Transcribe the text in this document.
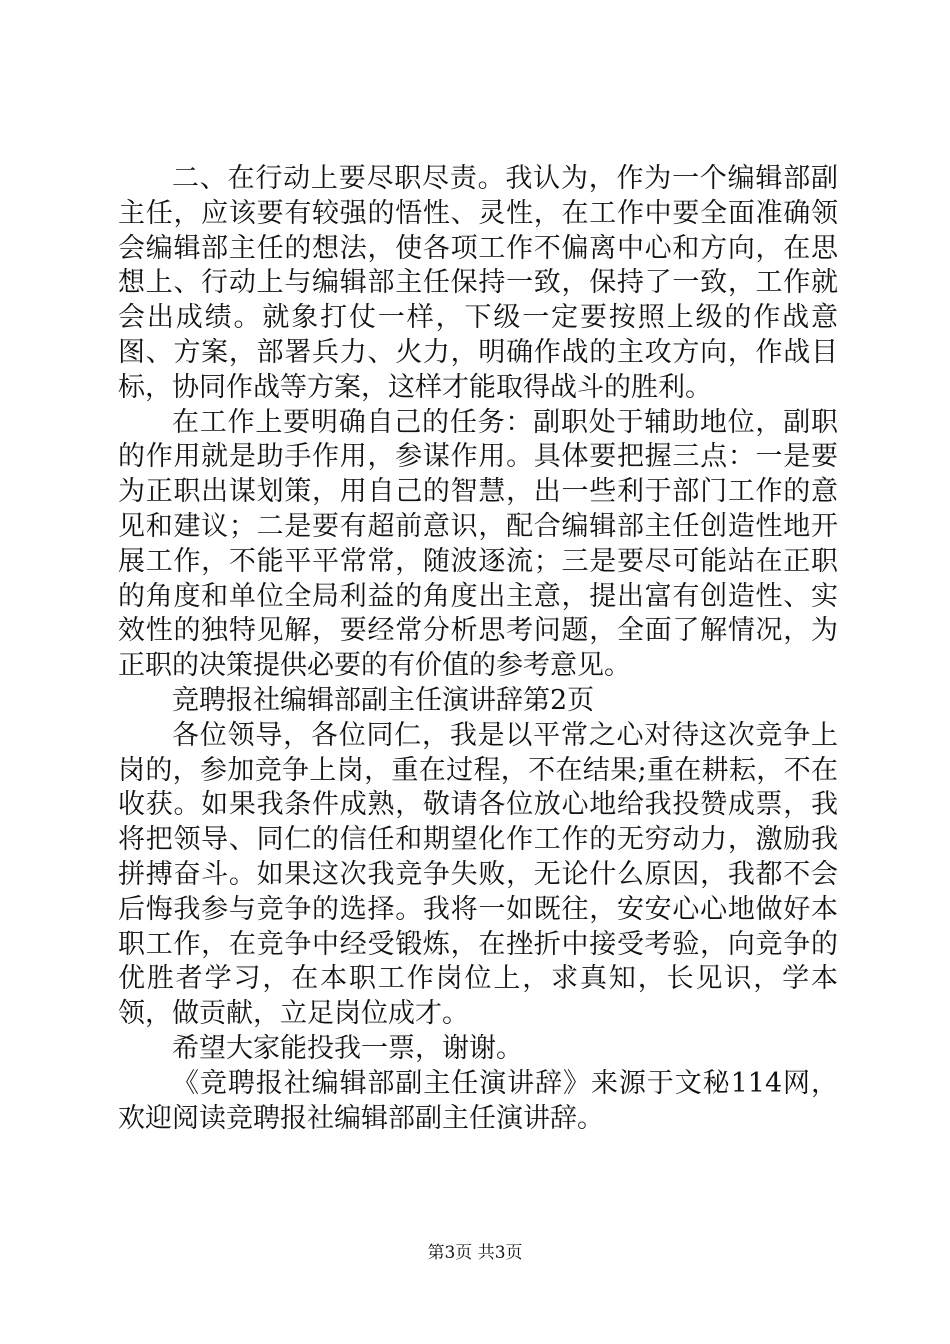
二、在行动上要尽职尽责。我认为，作为一个编辑部副主任，应该要有较强的悟性、灵性，在工作中要全面准确领会编辑部主任的想法，使各项工作不偏离中心和方向，在思想上、行动上与编辑部主任保持一致，保持了一致，工作就会出成绩。就象打仗一样，下级一定要按照上级的作战意图、方案，部署兵力、火力，明确作战的主攻方向，作战目标，协同作战等方案，这样才能取得战斗的胜利。

在工作上要明确自己的任务：副职处于辅助地位，副职的作用就是助手作用，参谋作用。具体要把握三点：一是要为正职出谋划策，用自己的智慧，出一些利于部门工作的意见和建议；二是要有超前意识，配合编辑部主任创造性地开展工作，不能平平常常，随波逐流；三是要尽可能站在正职的角度和单位全局利益的角度出主意，提出富有创造性、实效性的独特见解，要经常分析思考问题，全面了解情况，为正职的决策提供必要的有价值的参考意见。

竞聘报社编辑部副主任演讲辞第2页

各位领导，各位同仁，我是以平常之心对待这次竞争上岗的，参加竞争上岗，重在过程，不在结果;重在耕耘，不在收获。如果我条件成熟，敬请各位放心地给我投赞成票，我将把领导、同仁的信任和期望化作工作的无穷动力，激励我拼搏奋斗。如果这次我竞争失败，无论什么原因，我都不会后悔我参与竞争的选择。我将一如既往，安安心心地做好本职工作，在竞争中经受锻炼，在挫折中接受考验，向竞争的优胜者学习，在本职工作岗位上，求真知，长见识，学本领，做贡献，立足岗位成才。

希望大家能投我一票，谢谢。

《竞聘报社编辑部副主任演讲辞》来源于文秘114网，欢迎阅读竞聘报社编辑部副主任演讲辞。

第3页 共3页
